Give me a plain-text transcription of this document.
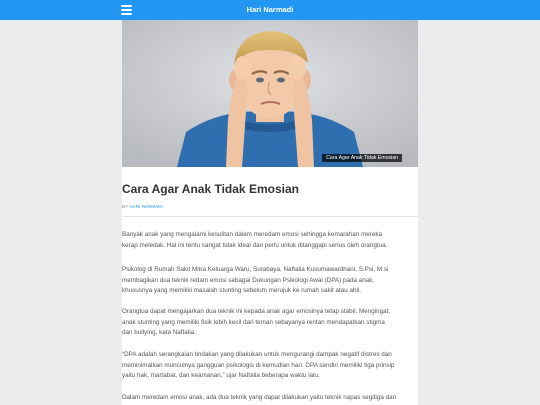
Hari Narmadi
Cara Agar Anak Tidak Emosian
Cara Agar Anak Tidak Emosian
BY HARI NARMADI
Banyak anak yang mengalami kesulitan dalam meredam emosi sehingga kemarahan mereka
kerap meledak. Hal ini tentu sangat tidak ideal dan perlu untuk ditanggapi serius oleh orangtua.
Psikolog di Rumah Sakit Mitra Keluarga Waru, Surabaya, Naftalia Kusumawardhani, S.Psi, M.si
membagikan dua teknik redam emosi sebagai Dukungan Psikologi Awal (DPA) pada anak,
khususnya yang memiliki masalah stunting sebelum merujuk ke rumah sakit atau ahli.
Orangtua dapat mengajarkan dua teknik ini kepada anak agar emosinya tetap stabil. Mengingat,
anak stunting yang memiliki fisik lebih kecil dari teman sebayanya rentan mendapatkan stigma
dan bullying, kata Naftalia.
“DPA adalah serangkaian tindakan yang dilakukan untuk mengurangi dampak negatif distres dan
meminimalkan munculnya gangguan psikologis di kemudian hari. DPA sendiri memiliki tiga prinsip
yaitu hak, martabat, dan keamanan,” ujar Naftalia beberapa waktu lalu.
Dalam meredam emosi anak, ada dua teknik yang dapat dilakukan yaitu teknik napas segitiga dan
